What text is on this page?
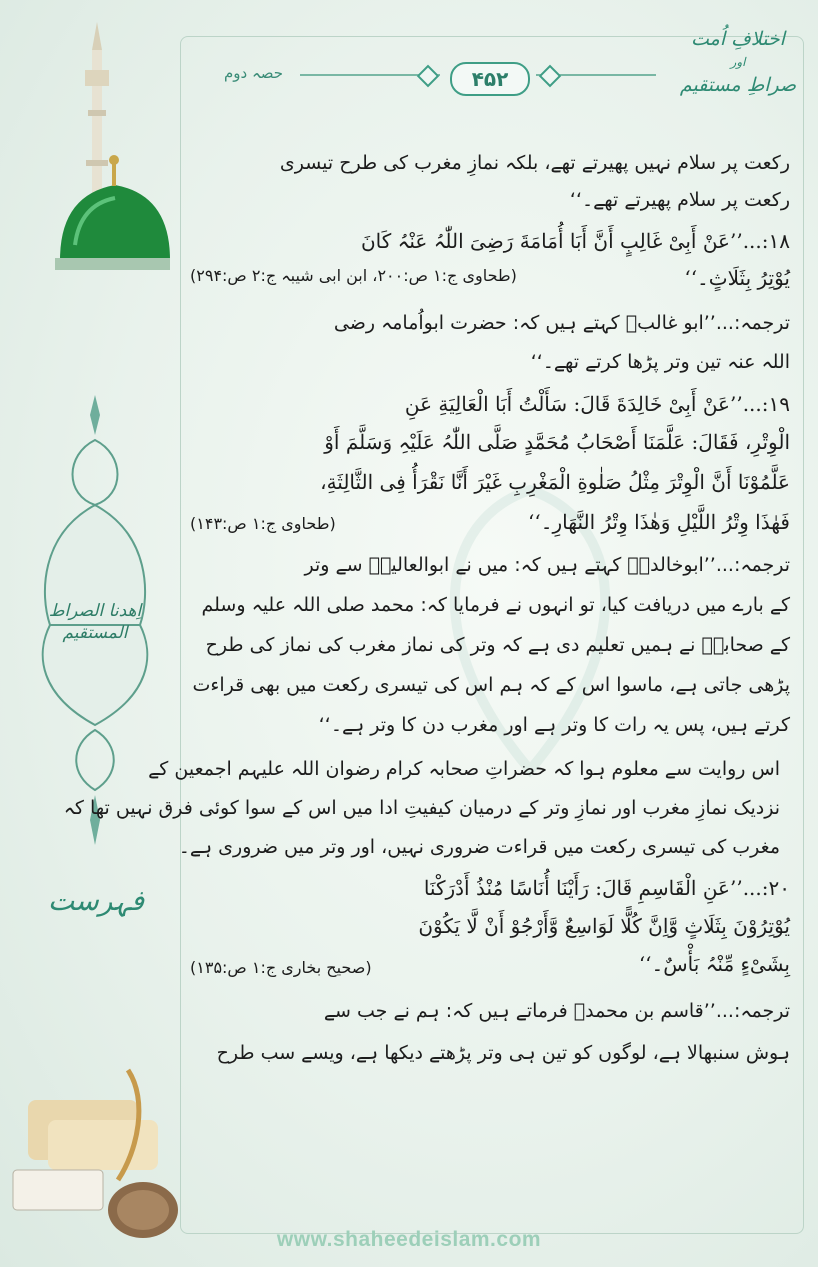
۴۵۲
حصہ دوم
اختلافِ اُمت
اور
صراطِ مستقیم
اِھدنا الصراط المستقیم
فہرست
رکعت پر سلام نہیں پھیرتے تھے، بلکہ نمازِ مغرب کی طرح تیسری
رکعت پر سلام پھیرتے تھے۔‘‘
۱۸:...’’عَنْ أَبِیْ غَالِبٍ أَنَّ أَبَا أُمَامَةَ رَضِیَ اللّٰہُ عَنْہُ کَانَ
یُوْتِرُ بِثَلَاثٍ۔‘‘
(طحاوی ج:۱ ص:۲۰۰، ابن ابی شیبہ ج:۲ ص:۲۹۴)
ترجمہ:...’’ابو غالبؒ کہتے ہیں کہ: حضرت ابواُمامہ رضی
اللہ عنہ تین وتر پڑھا کرتے تھے۔‘‘
۱۹:...’’عَنْ أَبِیْ خَالِدَةَ قَالَ: سَأَلْتُ أَبَا الْعَالِیَةِ عَنِ
الْوِتْرِ، فَقَالَ: عَلَّمَنَا أَصْحَابُ مُحَمَّدٍ صَلَّی اللّٰہُ عَلَیْہِ وَسَلَّمَ أَوْ
عَلَّمُوْنَا أَنَّ الْوِتْرَ مِثْلُ صَلٰوةِ الْمَغْرِبِ غَیْرَ أَنَّا نَقْرَأُ فِی الثَّالِثَةِ،
فَھٰذَا وِتْرُ اللَّیْلِ وَھٰذَا وِتْرُ النَّھَارِ۔‘‘
(طحاوی ج:۱ ص:۱۴۳)
ترجمہ:...’’ابوخالدہؒ کہتے ہیں کہ: میں نے ابوالعالیہؒ سے وتر
کے بارے میں دریافت کیا، تو انہوں نے فرمایا کہ: محمد صلی اللہ علیہ وسلم
کے صحابہؓ نے ہمیں تعلیم دی ہے کہ وتر کی نماز مغرب کی نماز کی طرح
پڑھی جاتی ہے، ماسوا اس کے کہ ہم اس کی تیسری رکعت میں بھی قراءت
کرتے ہیں، پس یہ رات کا وتر ہے اور مغرب دن کا وتر ہے۔‘‘
اس روایت سے معلوم ہوا کہ حضراتِ صحابہ کرام رضوان اللہ علیہم اجمعین کے
نزدیک نمازِ مغرب اور نمازِ وتر کے درمیان کیفیتِ ادا میں اس کے سوا کوئی فرق نہیں تھا کہ
مغرب کی تیسری رکعت میں قراءت ضروری نہیں، اور وتر میں ضروری ہے۔
۲۰:...’’عَنِ الْقَاسِمِ قَالَ: رَأَیْنَا أُنَاسًا مُنْذُ أَدْرَکْنَا
یُوْتِرُوْنَ بِثَلَاثٍ وَّاِنَّ کُلًّا لَوَاسِعٌ وَّأَرْجُوْ أَنْ لَّا یَکُوْنَ
بِشَیْءٍ مِّنْہُ بَأْسٌ۔‘‘
(صحیح بخاری ج:۱ ص:۱۳۵)
ترجمہ:...’’قاسم بن محمدؒ فرماتے ہیں کہ: ہم نے جب سے
ہوش سنبھالا ہے، لوگوں کو تین ہی وتر پڑھتے دیکھا ہے، ویسے سب طرح
www.shaheedeislam.com
